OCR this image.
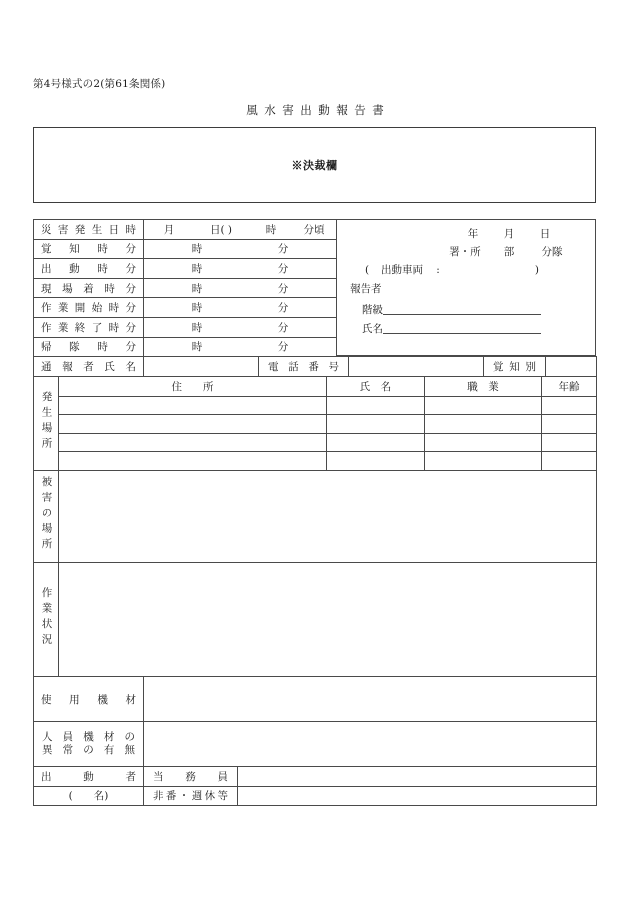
第4号様式の2(第61条関係)
風水害出動報告書
※決裁欄
災害発生日時	月 日( ) 時 分頃

覚知時分	時 分

出動時分	時 分

現場着時分	時 分

作業開始時分	時 分

作業終了時分	時 分

帰隊時分	時 分
年 月 日
署・所 部	分隊
( 出動車両 :	)
報告者
階級
氏名
通報者氏名		電話番号		覚知別

発生場所	住　　所	氏　名	職　業	年齢

被害の場所	
作業状況	
使用機材	

人員機材の
異常の有無	

出動者	当務員	

(　　名)	非番・週休等	
